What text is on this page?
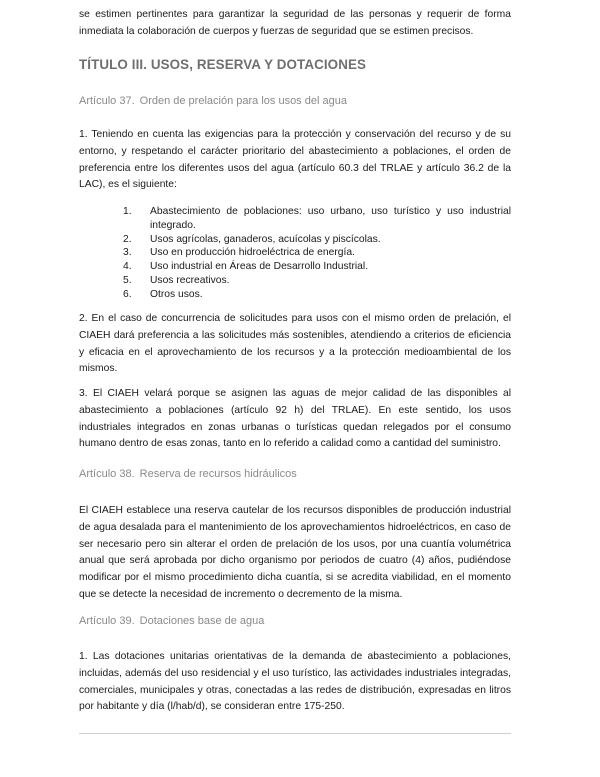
se estimen pertinentes para garantizar la seguridad de las personas y requerir de forma inmediata la colaboración de cuerpos y fuerzas de seguridad que se estimen precisos.

TÍTULO III. USOS, RESERVA Y DOTACIONES
Artículo 37. Orden de prelación para los usos del agua

1. Teniendo en cuenta las exigencias para la protección y conservación del recurso y de su entorno, y respetando el carácter prioritario del abastecimiento a poblaciones, el orden de preferencia entre los diferentes usos del agua (artículo 60.3 del TRLAE y artículo 36.2 de la LAC), es el siguiente:

1. Abastecimiento de poblaciones: uso urbano, uso turístico y uso industrial integrado.
2. Usos agrícolas, ganaderos, acuícolas y piscícolas.
3. Uso en producción hidroeléctrica de energía.
4. Uso industrial en Áreas de Desarrollo Industrial.
5. Usos recreativos.
6. Otros usos.

2. En el caso de concurrencia de solicitudes para usos con el mismo orden de prelación, el CIAEH dará preferencia a las solicitudes más sostenibles, atendiendo a criterios de eficiencia y eficacia en el aprovechamiento de los recursos y a la protección medioambiental de los mismos.

3. El CIAEH velará porque se asignen las aguas de mejor calidad de las disponibles al abastecimiento a poblaciones (artículo 92 h) del TRLAE). En este sentido, los usos industriales integrados en zonas urbanas o turísticas quedan relegados por el consumo humano dentro de esas zonas, tanto en lo referido a calidad como a cantidad del suministro.

Artículo 38. Reserva de recursos hidráulicos

El CIAEH establece una reserva cautelar de los recursos disponibles de producción industrial de agua desalada para el mantenimiento de los aprovechamientos hidroeléctricos, en caso de ser necesario pero sin alterar el orden de prelación de los usos, por una cuantía volumétrica anual que será aprobada por dicho organismo por periodos de cuatro (4) años, pudiéndose modificar por el mismo procedimiento dicha cuantía, si se acredita viabilidad, en el momento que se detecte la necesidad de incremento o decremento de la misma.

Artículo 39. Dotaciones base de agua

1. Las dotaciones unitarias orientativas de la demanda de abastecimiento a poblaciones, incluidas, además del uso residencial y el uso turístico, las actividades industriales integradas, comerciales, municipales y otras, conectadas a las redes de distribución, expresadas en litros por habitante y día (l/hab/d), se consideran entre 175-250.
